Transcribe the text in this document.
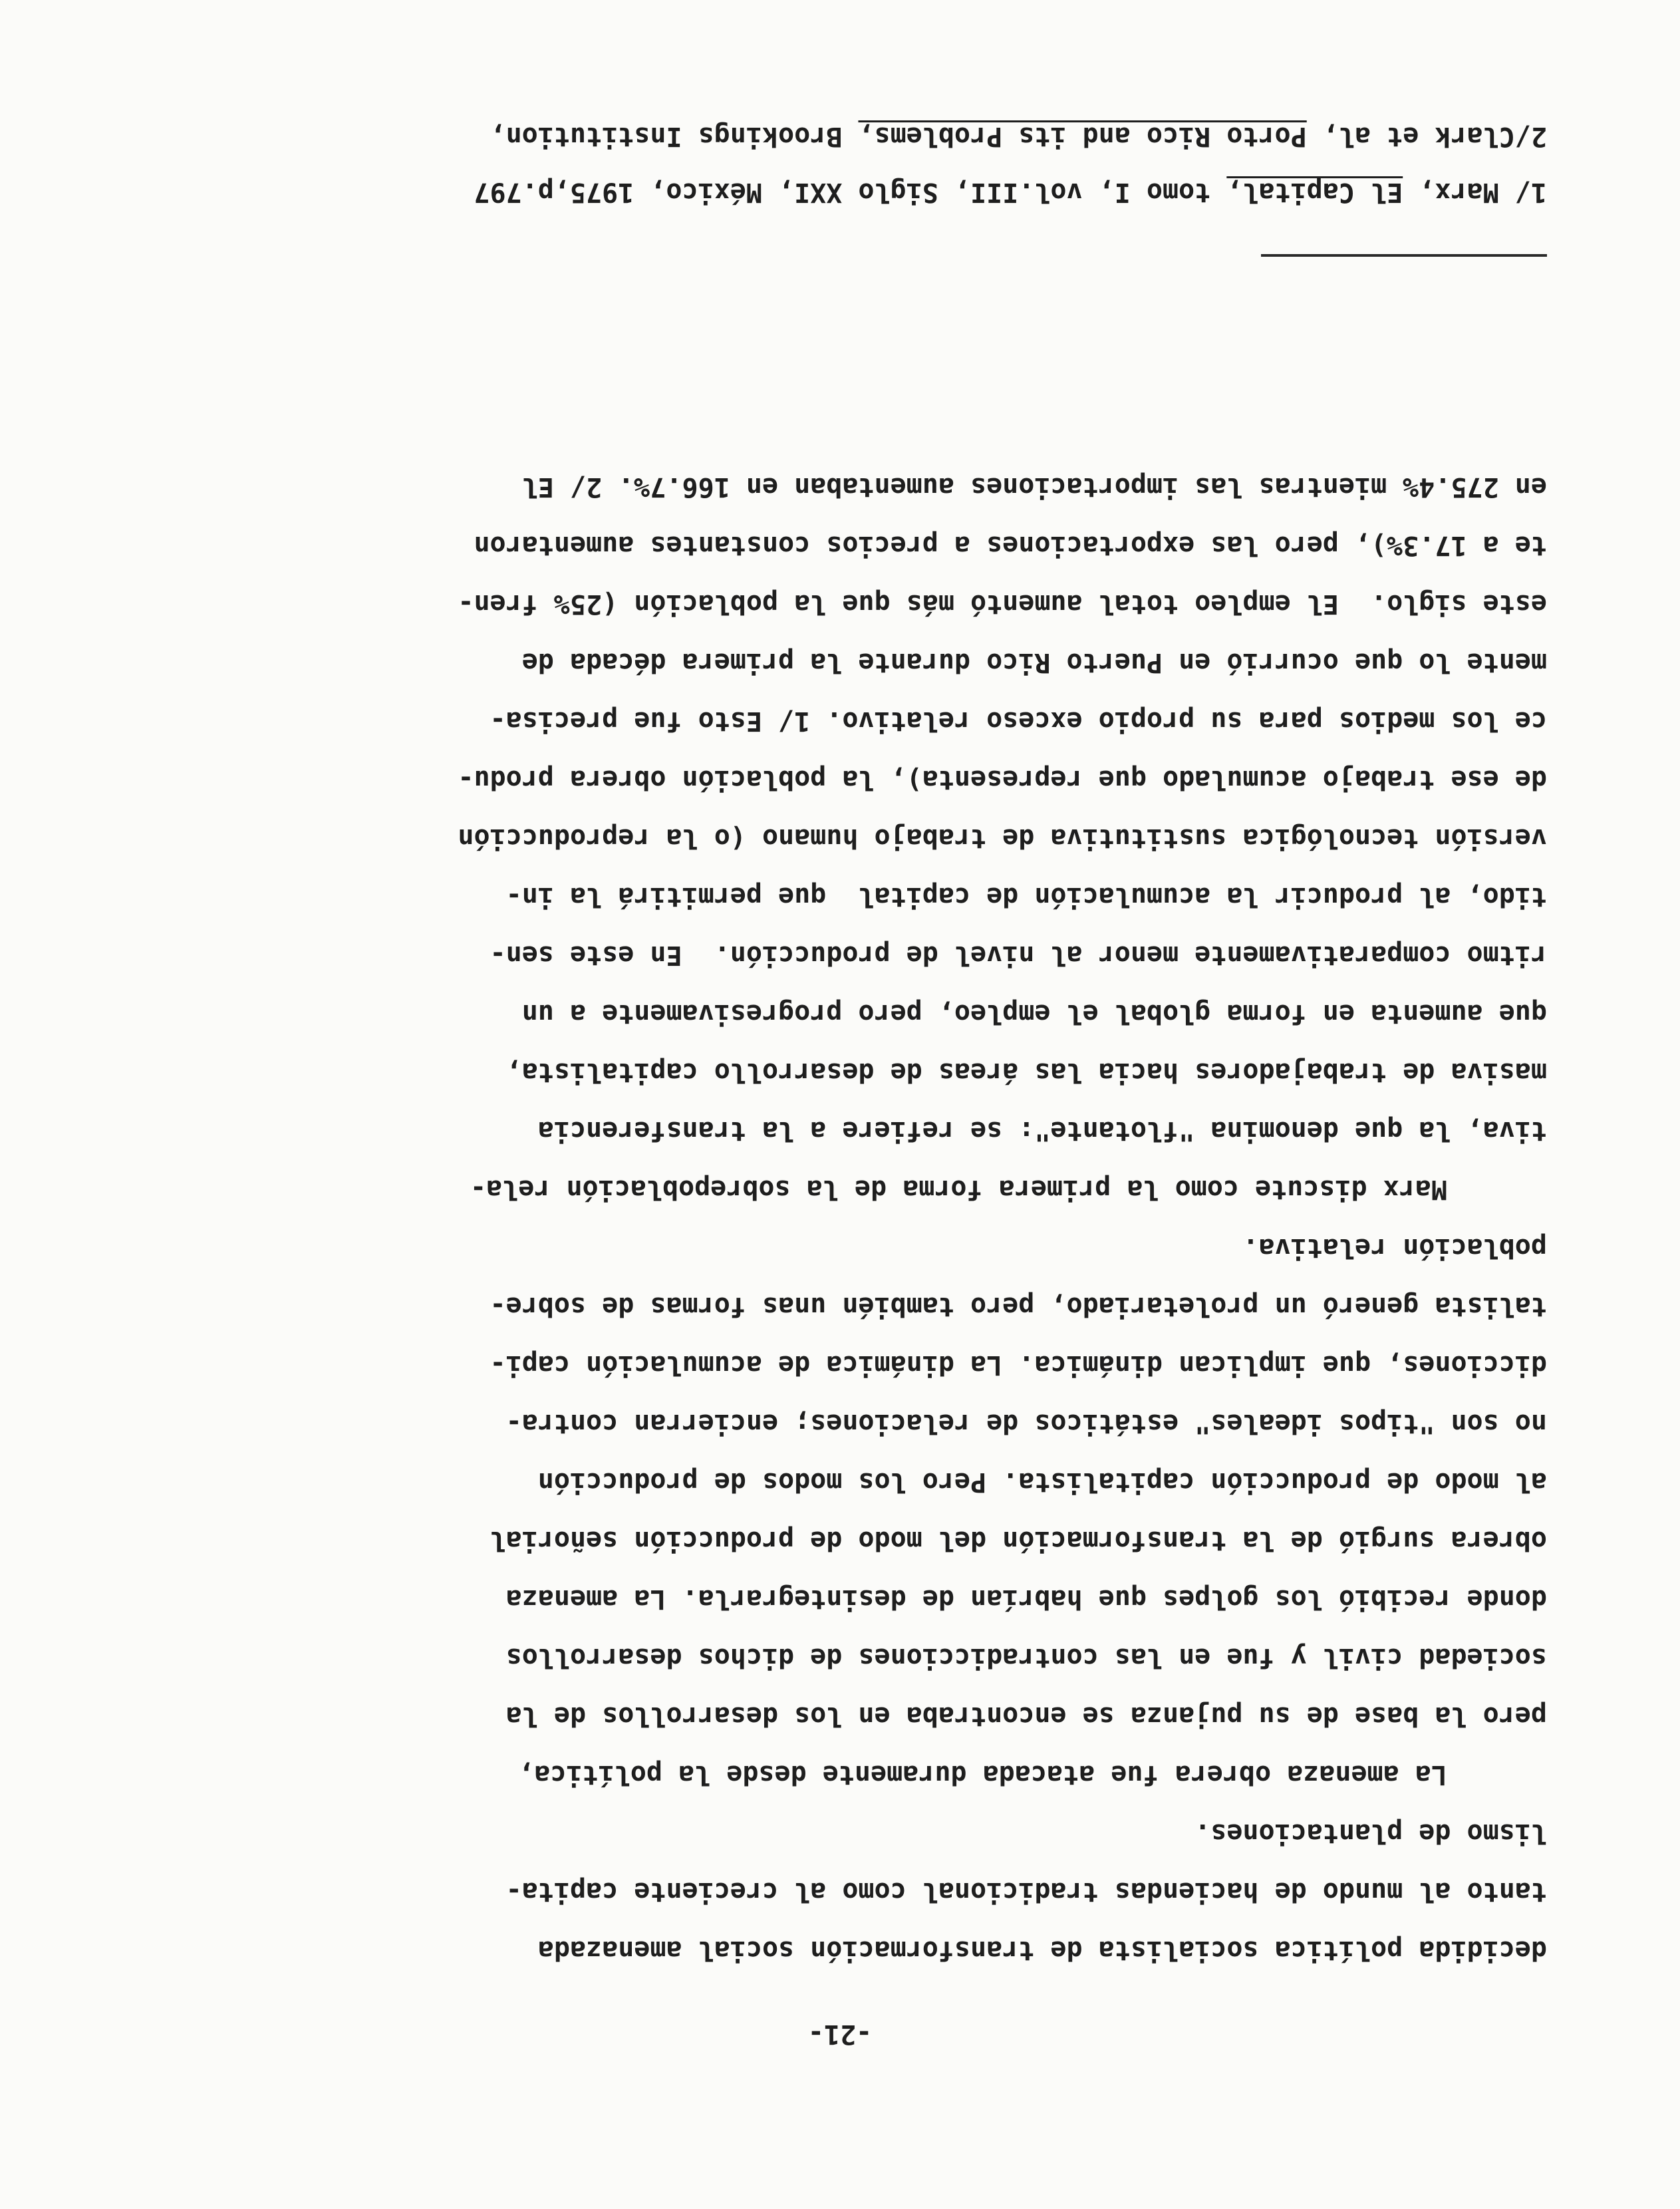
-21-
decidida política socialista de transformación social amenazada
tanto al mundo de haciendas tradicional como al creciente capita-
lismo de plantaciones.
La amenaza obrera fue atacada duramente desde la política,
pero la base de su pujanza se encontraba en los desarrollos de la
sociedad civil y fue en las contradicciones de dichos desarrollos
donde recibió los golpes que habrían de desintegrarla. La amenaza
obrera surgió de la transformación del modo de producción señorial
al modo de producción capitalista. Pero los modos de producción
no son "tipos ideales" estáticos de relaciones; encierran contra-
dicciones, que implican dinámica. La dinámica de acumulación capi-
talista generó un proletariado, pero también unas formas de sobre-
población relativa.
Marx discute como la primera forma de la sobrepoblación rela-
tiva, la que denomina "flotante": se refiere a la transferencia
masiva de trabajadores hacia las áreas de desarrollo capitalista,
que aumenta en forma global el empleo, pero progresivamente a un
ritmo comparativamente menor al nivel de producción.  En este sen-
tido, al producir la acumulación de capital  que permitirá la in-
versión tecnológica sustitutiva de trabajo humano (o la reproducción
de ese trabajo acumulado que representa), la población obrera produ-
ce los medios para su propio exceso relativo. 1/ Esto fue precisa-
mente lo que ocurrió en Puerto Rico durante la primera década de
este siglo.  El empleo total aumentó más que la población (25% fren-
te a 17.3%), pero las exportaciones a precios constantes aumentaron
en 275.4% mientras las importaciones aumentaban en 166.7%. 2/ El
1/ Marx, El Capital, tomo I, vol.III, Siglo XXI, México, 1975,p.797
2/Clark et al, Porto Rico and its Problems, Brookings Institution,
